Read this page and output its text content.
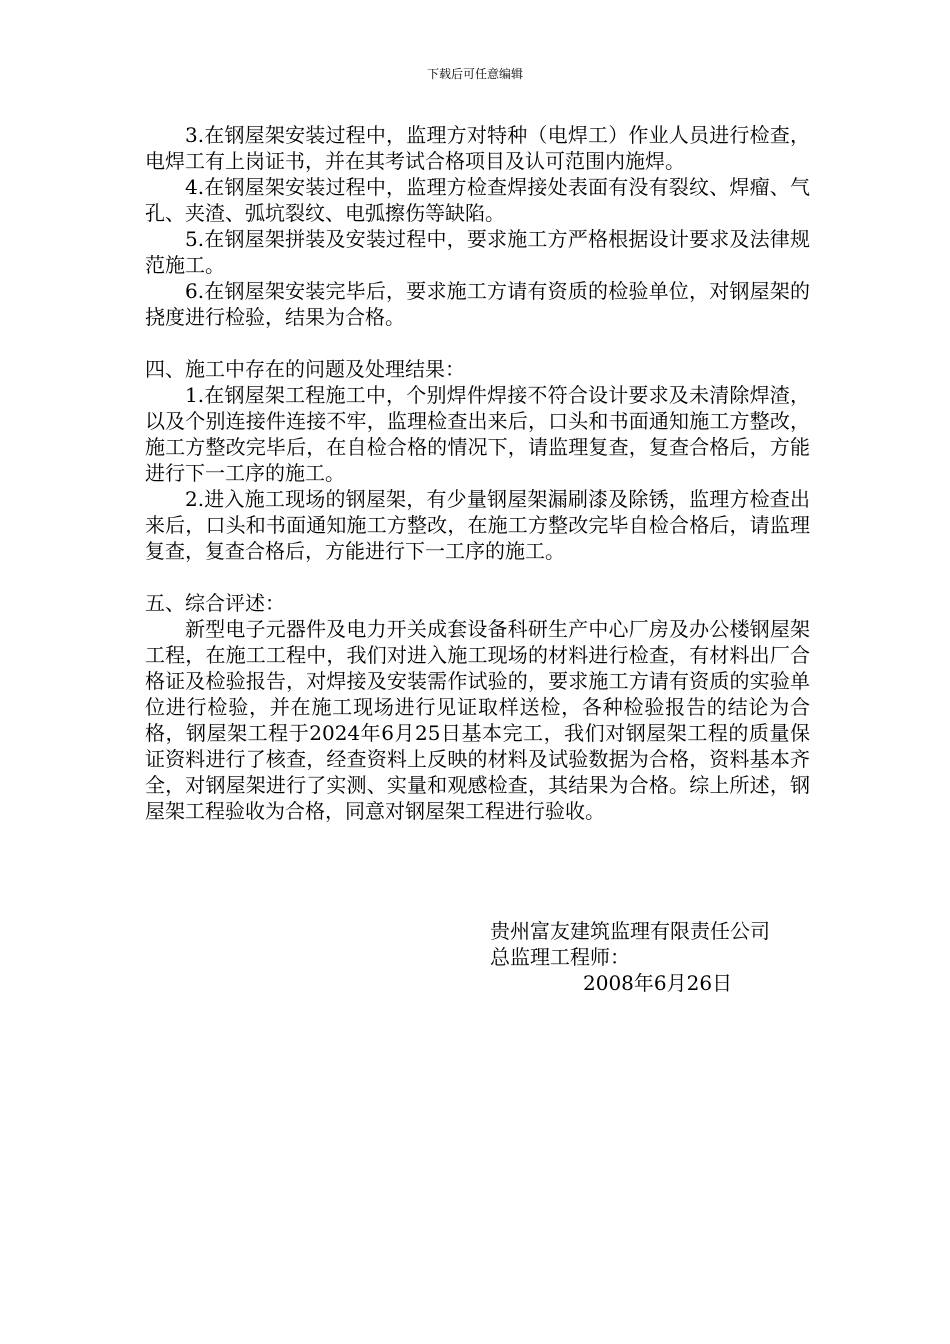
下载后可任意编辑

3.在钢屋架安装过程中，监理方对特种（电焊工）作业人员进行检查，电焊工有上岗证书，并在其考试合格项目及认可范围内施焊。

4.在钢屋架安装过程中，监理方检查焊接处表面有没有裂纹、焊瘤、气孔、夹渣、弧坑裂纹、电弧擦伤等缺陷。

5.在钢屋架拼装及安装过程中，要求施工方严格根据设计要求及法律规范施工。

6.在钢屋架安装完毕后，要求施工方请有资质的检验单位，对钢屋架的挠度进行检验，结果为合格。

四、施工中存在的问题及处理结果：

1.在钢屋架工程施工中，个别焊件焊接不符合设计要求及未清除焊渣，以及个别连接件连接不牢，监理检查出来后，口头和书面通知施工方整改，施工方整改完毕后，在自检合格的情况下，请监理复查，复查合格后，方能进行下一工序的施工。

2.进入施工现场的钢屋架，有少量钢屋架漏刷漆及除锈，监理方检查出来后，口头和书面通知施工方整改，在施工方整改完毕自检合格后，请监理复查，复查合格后，方能进行下一工序的施工。

五、综合评述：

新型电子元器件及电力开关成套设备科研生产中心厂房及办公楼钢屋架工程，在施工工程中，我们对进入施工现场的材料进行检查，有材料出厂合格证及检验报告，对焊接及安装需作试验的，要求施工方请有资质的实验单位进行检验，并在施工现场进行见证取样送检，各种检验报告的结论为合格，钢屋架工程于2024年6月25日基本完工，我们对钢屋架工程的质量保证资料进行了核查，经查资料上反映的材料及试验数据为合格，资料基本齐全，对钢屋架进行了实测、实量和观感检查，其结果为合格。综上所述，钢屋架工程验收为合格，同意对钢屋架工程进行验收。

贵州富友建筑监理有限责任公司

总监理工程师：

2008年6月26日
